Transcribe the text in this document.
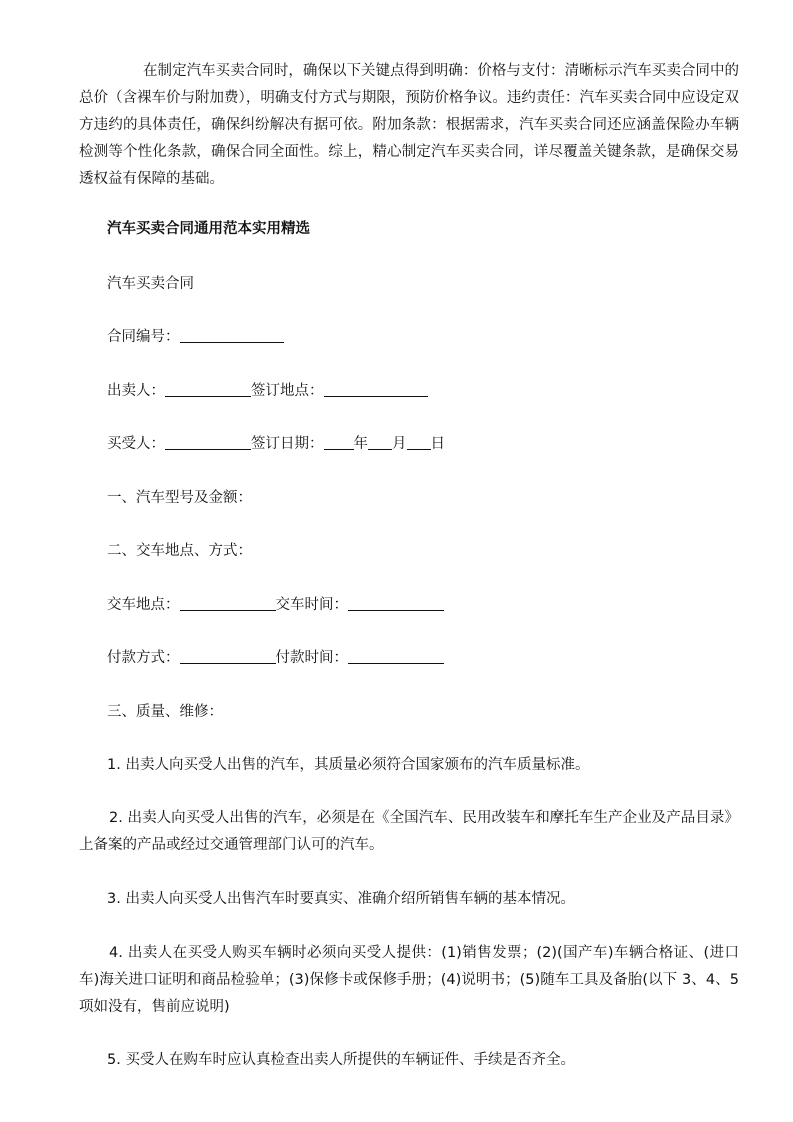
在制定汽车买卖合同时，确保以下关键点得到明确：价格与支付：清晰标示汽车买卖合同中的总价（含裸车价与附加费），明确支付方式与期限，预防价格争议。违约责任：汽车买卖合同中应设定双方违约的具体责任，确保纠纷解决有据可依。附加条款：根据需求，汽车买卖合同还应涵盖保险办车辆检测等个性化条款，确保合同全面性。综上，精心制定汽车买卖合同，详尽覆盖关键条款，是确保交易透权益有保障的基础。

汽车买卖合同通用范本实用精选

汽车买卖合同

合同编号：

出卖人：	签订地点：

买受人：	签订日期： 年 月 日

一、汽车型号及金额：

二、交车地点、方式：

交车地点：	交车时间：

付款方式：	付款时间：

三、质量、维修：

1. 出卖人向买受人出售的汽车，其质量必须符合国家颁布的汽车质量标准。

2. 出卖人向买受人出售的汽车，必须是在《全国汽车、民用改装车和摩托车生产企业及产品目录》上备案的产品或经过交通管理部门认可的汽车。

3. 出卖人向买受人出售汽车时要真实、准确介绍所销售车辆的基本情况。

4. 出卖人在买受人购买车辆时必须向买受人提供：(1)销售发票；(2)(国产车)车辆合格证、(进口车)海关进口证明和商品检验单；(3)保修卡或保修手册；(4)说明书；(5)随车工具及备胎(以下 3、4、5 项如没有，售前应说明)

5. 买受人在购车时应认真检查出卖人所提供的车辆证件、手续是否齐全。
